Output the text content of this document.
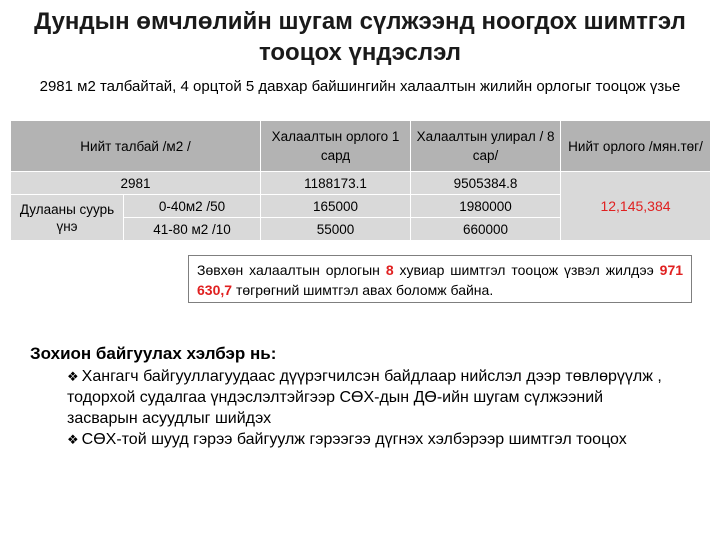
Дундын өмчлөлийн шугам сүлжээнд ноогдох шимтгэл тооцох үндэслэл
2981 м2 талбайтай, 4 орцтой 5 давхар байшингийн халаалтын жилийн орлогыг тооцож үзье
Нийт талбай /м2 /		Халаалтын орлого 1 сард	Халаалтын улирал / 8 сар/	Нийт орлого /мян.төг/
2981		1188173.1	9505384.8	12,145,384
Дулааны суурь үнэ	0-40м2 /50	165000	1980000	
	41-80 м2 /10	55000	660000	
Зөвхөн халаалтын орлогын 8 хувиар шимтгэл тооцож үзвэл жилдээ 971 630,7 төгрөгний шимтгэл авах боломж байна.
Зохион байгуулах хэлбэр нь:

❖ Хангагч байгууллагуудаас дүүрэгчилсэн байдлаар нийслэл дээр төвлөрүүлж , тодорхой судалгаа үндэслэлтэйгээр СӨХ-дын ДӨ-ийн шугам сүлжээний засварын асуудлыг шийдэх

❖ СӨХ-той шууд гэрээ байгуулж гэрээгээ дүгнэх хэлбэрээр шимтгэл тооцох
